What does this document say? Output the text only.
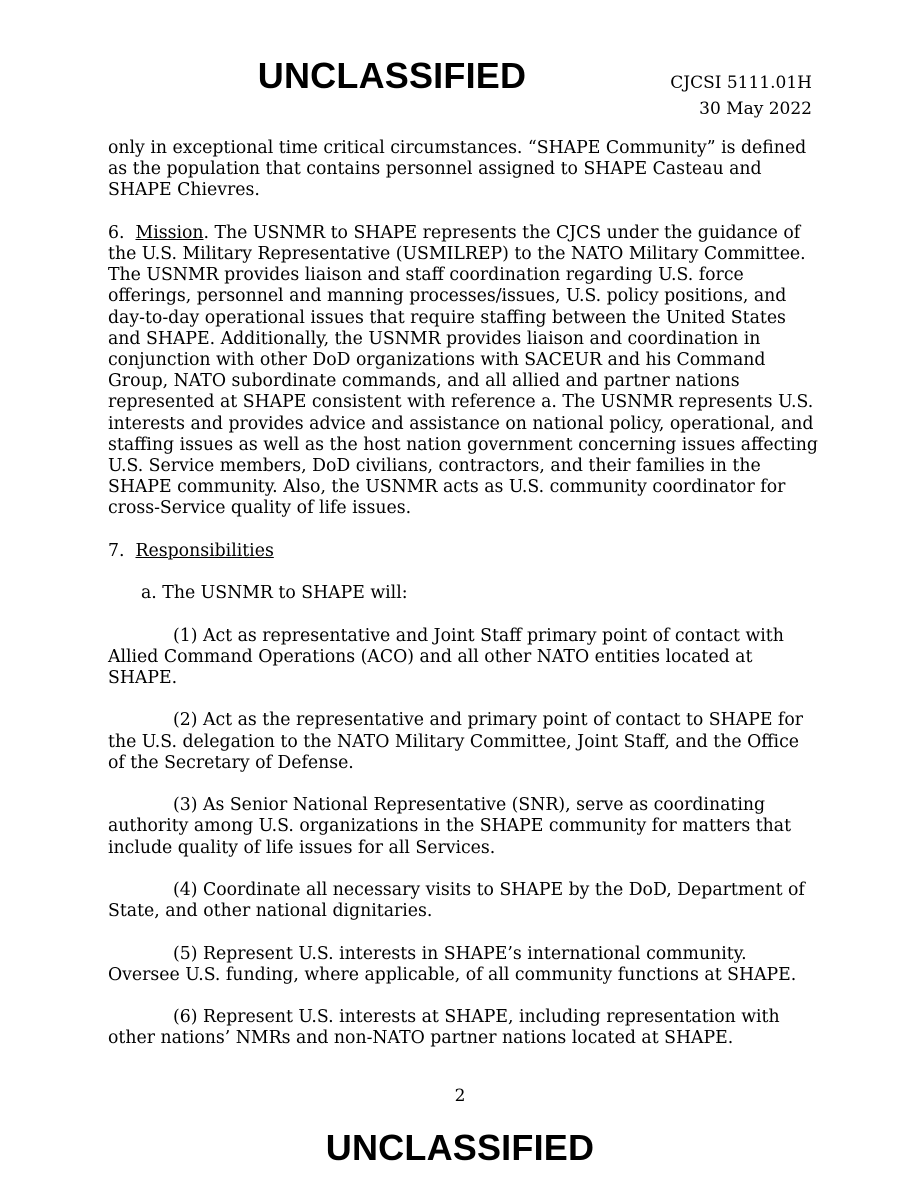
UNCLASSIFIED	CJCSI 5111.01H
30 May 2022

only in exceptional time critical circumstances. “SHAPE Community” is defined as the population that contains personnel assigned to SHAPE Casteau and SHAPE Chievres.

6. Mission. The USNMR to SHAPE represents the CJCS under the guidance of the U.S. Military Representative (USMILREP) to the NATO Military Committee. The USNMR provides liaison and staff coordination regarding U.S. force offerings, personnel and manning processes/issues, U.S. policy positions, and day-to-day operational issues that require staffing between the United States and SHAPE. Additionally, the USNMR provides liaison and coordination in conjunction with other DoD organizations with SACEUR and his Command Group, NATO subordinate commands, and all allied and partner nations represented at SHAPE consistent with reference a. The USNMR represents U.S. interests and provides advice and assistance on national policy, operational, and staffing issues as well as the host nation government concerning issues affecting U.S. Service members, DoD civilians, contractors, and their families in the SHAPE community. Also, the USNMR acts as U.S. community coordinator for cross-Service quality of life issues.

7. Responsibilities

a. The USNMR to SHAPE will:

(1) Act as representative and Joint Staff primary point of contact with Allied Command Operations (ACO) and all other NATO entities located at SHAPE.

(2) Act as the representative and primary point of contact to SHAPE for the U.S. delegation to the NATO Military Committee, Joint Staff, and the Office of the Secretary of Defense.

(3) As Senior National Representative (SNR), serve as coordinating authority among U.S. organizations in the SHAPE community for matters that include quality of life issues for all Services.

(4) Coordinate all necessary visits to SHAPE by the DoD, Department of State, and other national dignitaries.

(5) Represent U.S. interests in SHAPE’s international community. Oversee U.S. funding, where applicable, of all community functions at SHAPE.

(6) Represent U.S. interests at SHAPE, including representation with other nations’ NMRs and non-NATO partner nations located at SHAPE.

2
UNCLASSIFIED
